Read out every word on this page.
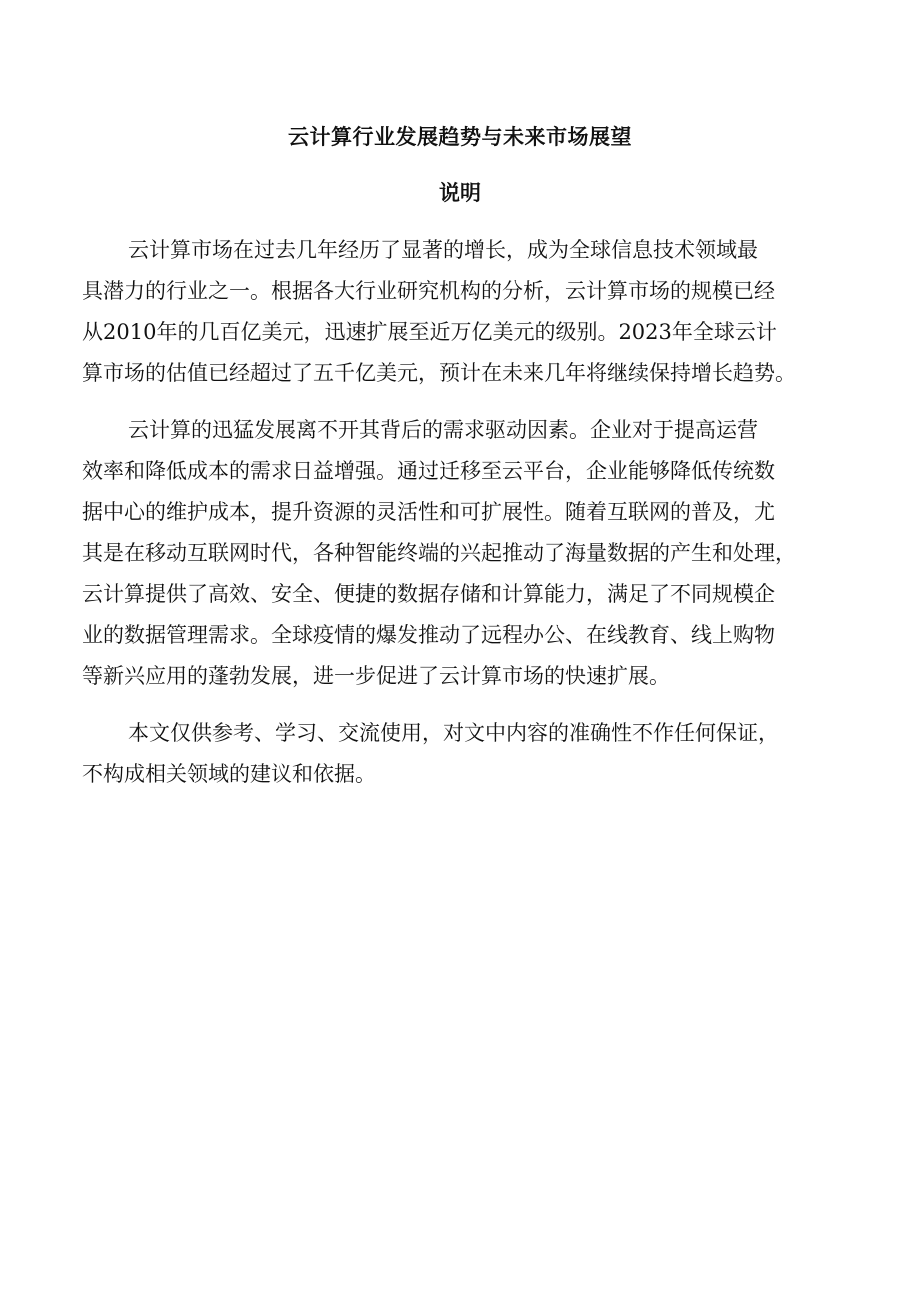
云计算行业发展趋势与未来市场展望
说明

云计算市场在过去几年经历了显著的增长，成为全球信息技术领域最
具潜力的行业之一。根据各大行业研究机构的分析，云计算市场的规模已经
从2010年的几百亿美元，迅速扩展至近万亿美元的级别。2023年全球云计
算市场的估值已经超过了五千亿美元，预计在未来几年将继续保持增长趋势。

云计算的迅猛发展离不开其背后的需求驱动因素。企业对于提高运营
效率和降低成本的需求日益增强。通过迁移至云平台，企业能够降低传统数
据中心的维护成本，提升资源的灵活性和可扩展性。随着互联网的普及，尤
其是在移动互联网时代，各种智能终端的兴起推动了海量数据的产生和处理，
云计算提供了高效、安全、便捷的数据存储和计算能力，满足了不同规模企
业的数据管理需求。全球疫情的爆发推动了远程办公、在线教育、线上购物
等新兴应用的蓬勃发展，进一步促进了云计算市场的快速扩展。

本文仅供参考、学习、交流使用，对文中内容的准确性不作任何保证，
不构成相关领域的建议和依据。
